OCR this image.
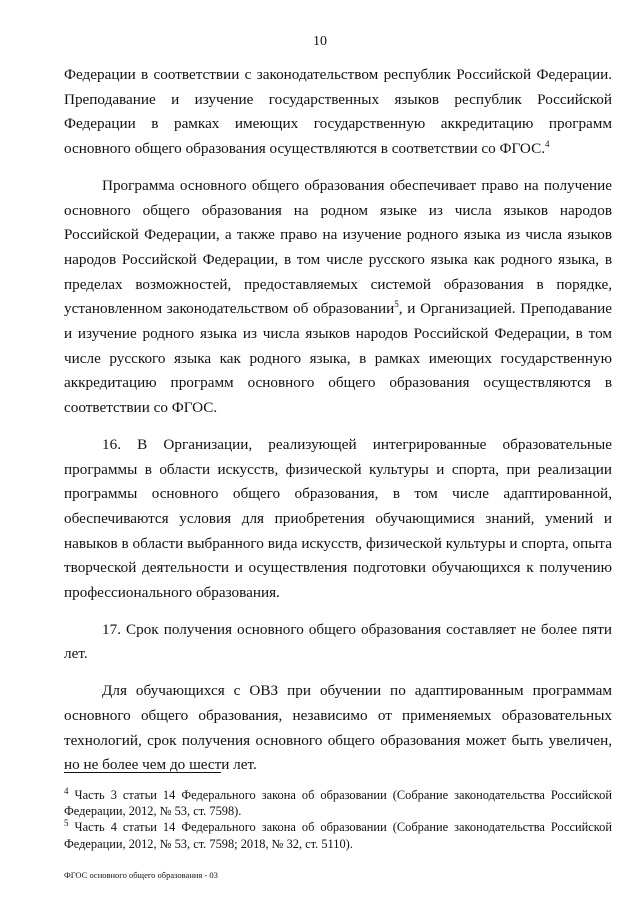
10

Федерации в соответствии с законодательством республик Российской Федерации. Преподавание и изучение государственных языков республик Российской Федерации в рамках имеющих государственную аккредитацию программ основного общего образования осуществляются в соответствии со ФГОС.$^4$

Программа основного общего образования обеспечивает право на получение основного общего образования на родном языке из числа языков народов Российской Федерации, а также право на изучение родного языка из числа языков народов Российской Федерации, в том числе русского языка как родного языка, в пределах возможностей, предоставляемых системой образования в порядке, установленном законодательством об образовании$^5$, и Организацией. Преподавание и изучение родного языка из числа языков народов Российской Федерации, в том числе русского языка как родного языка, в рамках имеющих государственную аккредитацию программ основного общего образования осуществляются в соответствии со ФГОС.

16. В Организации, реализующей интегрированные образовательные программы в области искусств, физической культуры и спорта, при реализации программы основного общего образования, в том числе адаптированной, обеспечиваются условия для приобретения обучающимися знаний, умений и навыков в области выбранного вида искусств, физической культуры и спорта, опыта творческой деятельности и осуществления подготовки обучающихся к получению профессионального образования.

17. Срок получения основного общего образования составляет не более пяти лет.

Для обучающихся с ОВЗ при обучении по адаптированным программам основного общего образования, независимо от применяемых образовательных технологий, срок получения основного общего образования может быть увеличен, но не более чем до шести лет.

$^4$ Часть 3 статьи 14 Федерального закона об образовании (Собрание законодательства Российской Федерации, 2012, № 53, ст. 7598).

$^5$ Часть 4 статьи 14 Федерального закона об образовании (Собрание законодательства Российской Федерации, 2012, № 53, ст. 7598; 2018, № 32, ст. 5110).

ФГОС основного общего образования - 03
